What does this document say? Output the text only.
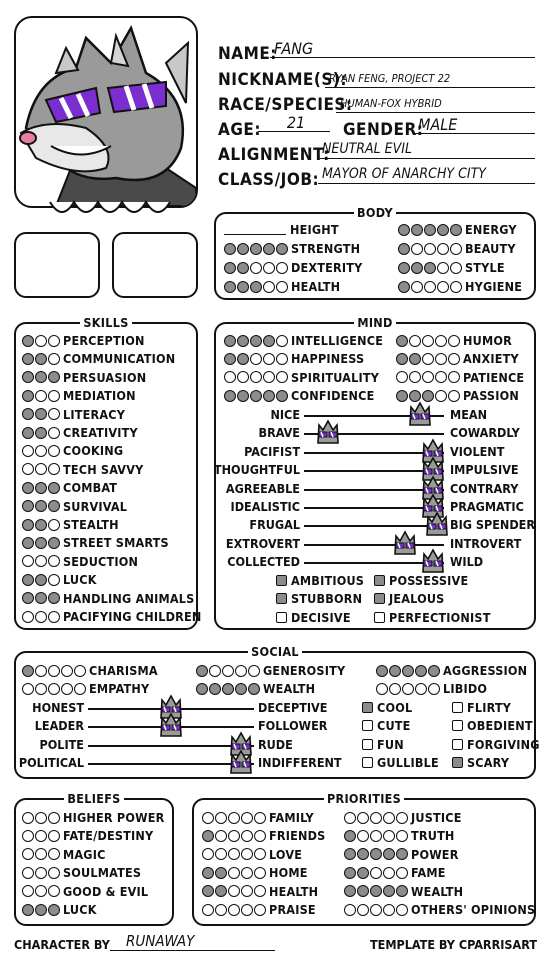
NAME:
FANG
NICKNAME(S):
RYAN FENG, PROJECT 22
RACE/SPECIES:
HUMAN-FOX HYBRID
AGE:	21	GENDER:
MALE
ALIGNMENT:
NEUTRAL EVIL
CLASS/JOB: MAYOR OF ANARCHY CITY
BODY
HEIGHT
STRENGTH
DEXTERITY
HEALTH
ENERGY
BEAUTY
STYLE
HYGIENE
SKILLS
PERCEPTION
COMMUNICATION
PERSUASION
MEDIATION
LITERACY
CREATIVITY
COOKING
TECH SAVVY
COMBAT
SURVIVAL
STEALTH
STREET SMARTS
SEDUCTION
LUCK
HANDLING ANIMALS
PACIFYING CHILDREN
MIND
INTELLIGENCE
HAPPINESS
SPIRITUALITY
CONFIDENCE
HUMOR
ANXIETY
PATIENCE
PASSION
NICE	MEAN
BRAVE	COWARDLY
PACIFIST	VIOLENT
THOUGHTFUL	IMPULSIVE
AGREEABLE	CONTRARY
IDEALISTIC	PRAGMATIC
FRUGAL	BIG SPENDER
EXTROVERT	INTROVERT
COLLECTED	WILD
AMBITIOUS POSSESSIVE
STUBBORN JEALOUS
DECISIVE	PERFECTIONIST
SOCIAL
CHARISMA	GENEROSITY	AGGRESSION
EMPATHY	WEALTH	LIBIDO
HONEST	DECEPTIVE
LEADER	FOLLOWER
POLITE	RUDE
POLITICAL	INDIFFERENT
COOL	FLIRTY
CUTE	OBEDIENT
FUN	FORGIVING
GULLIBLE SCARY
BELIEFS
HIGHER POWER
FATE/DESTINY
MAGIC
SOULMATES
GOOD & EVIL
LUCK
PRIORITIES
FAMILY
FRIENDS
LOVE
HOME
HEALTH
PRAISE
JUSTICE
TRUTH
POWER
FAME
WEALTH
OTHERS' OPINIONS
CHARACTER BY	RUNAWAY	TEMPLATE BY CPARRISART
